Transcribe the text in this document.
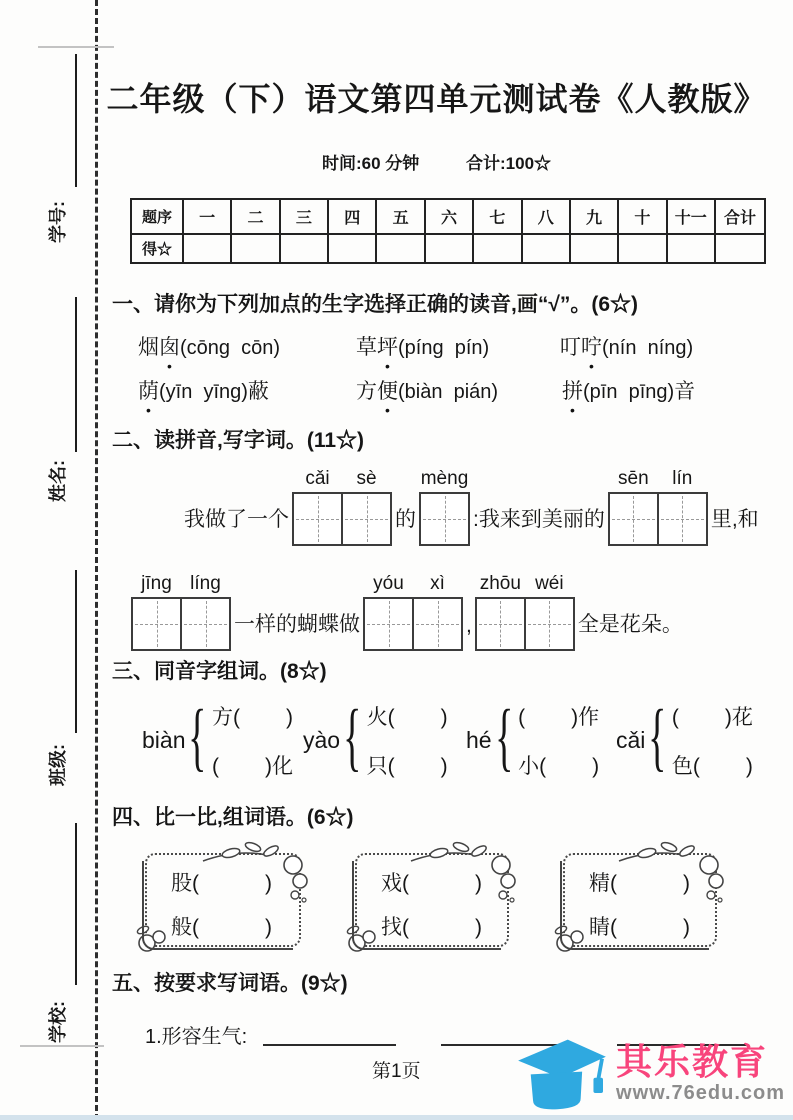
学号:
姓名:
班级:
学校:
二年级（下）语文第四单元测试卷《人教版》
时间:60 分钟	合计:100☆
题序	一	二	三	四	五	六	七	八	九	十	十一	合计
得☆												
一、请你为下列加点的生字选择正确的读音,画“√”。(6☆)
烟囱(cōng  cōn)	草坪(píng  pín)	叮咛(nín  níng)
荫(yīn  yīng)蔽	方便(biàn  pián)	拼(pīn  pīng)音
二、读拼音,写字词。(11☆)
我做了一个
cǎi	sè
的
mèng
:我来到美丽的
sēn	lín
里,和
jīng líng
一样的蝴蝶做
yóu	xì
,
zhōu wéi
全是花朵。
三、同音字组词。(8☆)
biàn { 方( )
( )化
yào { 火( )
只( )
hé { ( )作
小( )
cǎi { ( )花
色( )
四、比一比,组词语。(6☆)
股(	)
般(	)
戏(	)
找(	)
精(	)
睛(	)
五、按要求写词语。(9☆)
1.形容生气:
第1页	其乐教育
www.76edu.com
